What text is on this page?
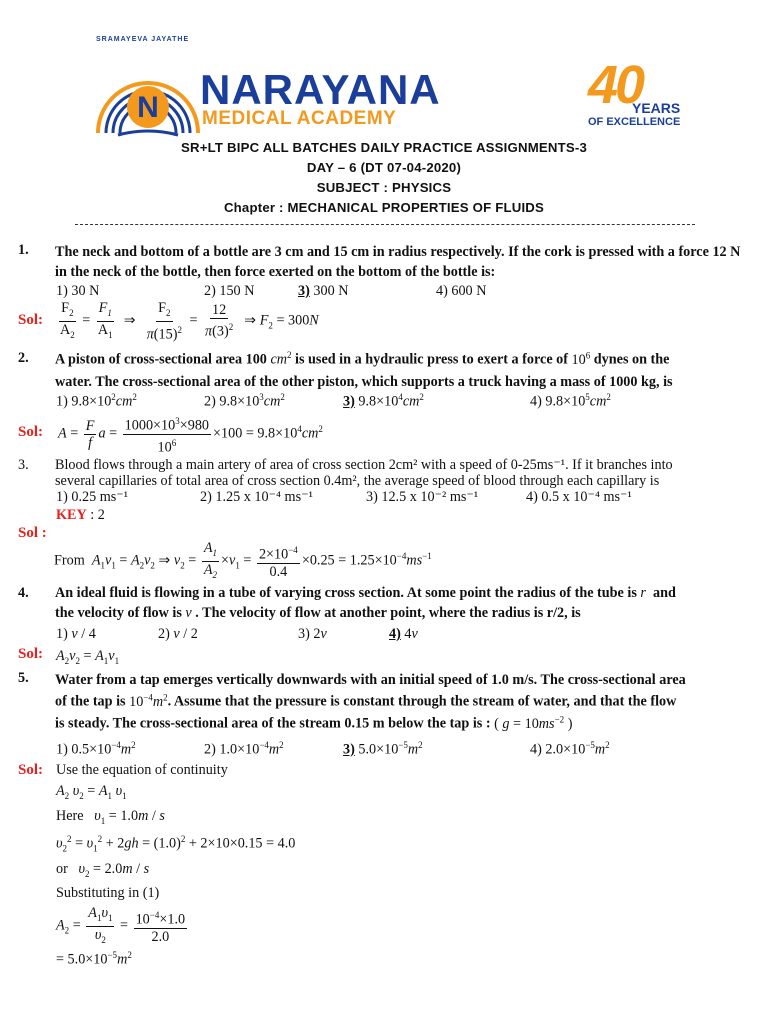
N
SRAMAYEVA JAYATHE
NARAYANA
MEDICAL ACADEMY
40
YEARS
OF EXCELLENCE
SR+LT BIPC ALL BATCHES DAILY PRACTICE ASSIGNMENTS-3
DAY – 6 (DT 07-04-2020)
SUBJECT : PHYSICS
Chapter : MECHANICAL PROPERTIES OF FLUIDS
1. The neck and bottom of a bottle are 3 cm and 15 cm in radius respectively. If the cork is pressed with a force 12 N in the neck of the bottle, then force exerted on the bottom of the bottle is:
1) 30 N	2) 150 N	3) 300 N	4) 600 N
Sol: $\frac{F_2}{A_2} = \frac{F_1}{A_1}$ ⇒ $\frac{F_2}{\pi(15)^2} = \frac{12}{\pi(3)^2}$ ⇒ $F_2 = 300N$
2. A piston of cross-sectional area 100 $cm^2$ is used in a hydraulic press to exert a force of $10^6$ dynes on the
water. The cross-sectional area of the other piston, which supports a truck having a mass of 1000 kg, is
1) $9.8\times 10^2cm^2$	2) $9.8\times 10^3cm^2$	3) $9.8\times 10^4cm^2$	4) $9.8\times 10^5cm^2$
Sol: $A = \frac{F}{f}$ $a = \frac{1000\times 10^3\times 980}{10^6} \times 100 = 9.8\times 10^4cm^2$
3. Blood flows through a main artery of area of cross section 2cm² with a speed of 0-25ms⁻¹. If it branches into
several capillaries of total area of cross section 0.4m², the average speed of blood through each capillary is
1) 0.25 ms⁻¹	2) 1.25 x 10⁻⁴ ms⁻¹	3) 12.5 x 10⁻² ms⁻¹	4) 0.5 x 10⁻⁴ ms⁻¹
KEY : 2
Sol :
From $A_1v_1 = A_2v_2$ ⇒ $v_2 = \frac{A_1}{A_2} \times v_1 = \frac{2\times 10^{-4}}{0.4} \times 0.25 = 1.25\times 10^{-4}ms^{-1}$
4. An ideal fluid is flowing in a tube of varying cross section. At some point the radius of the tube is r and
the velocity of flow is v . The velocity of flow at another point, where the radius is r/2, is
1) v / 4	2) v / 2	3) 2v	4) 4v
Sol: $A_2v_2 = A_1v_1$
5. Water from a tap emerges vertically downwards with an initial speed of 1.0 m/s. The cross-sectional area
of the tap is $10^{-4}m^2$. Assume that the pressure is constant through the stream of water, and that the flow
is steady. The cross-sectional area of the stream 0.15 m below the tap is : ( $g = 10ms^{-2}$ )
1) $0.5\times 10^{-4}m^2$	2) $1.0\times 10^{-4}m^2$	3) $5.0\times 10^{-5}m^2$	4) $2.0\times 10^{-5}m^2$
Sol: Use the equation of continuity
$A_2$ $\upsilon_2 = A_1$ $\upsilon_1$
Here $\upsilon_1 = 1.0m / s$
$\upsilon_2^2 = \upsilon_1^2 + 2gh = (1.0)^2 + 2\times 10\times 0.15 = 4.0$
or $\upsilon_2 = 2.0m / s$
Substituting in (1)
$A_2 = \frac{A_1\upsilon_1}{\upsilon_2} = \frac{10^{-4}\times 1.0}{2.0}$
= $5.0\times 10^{-5}m^2$
